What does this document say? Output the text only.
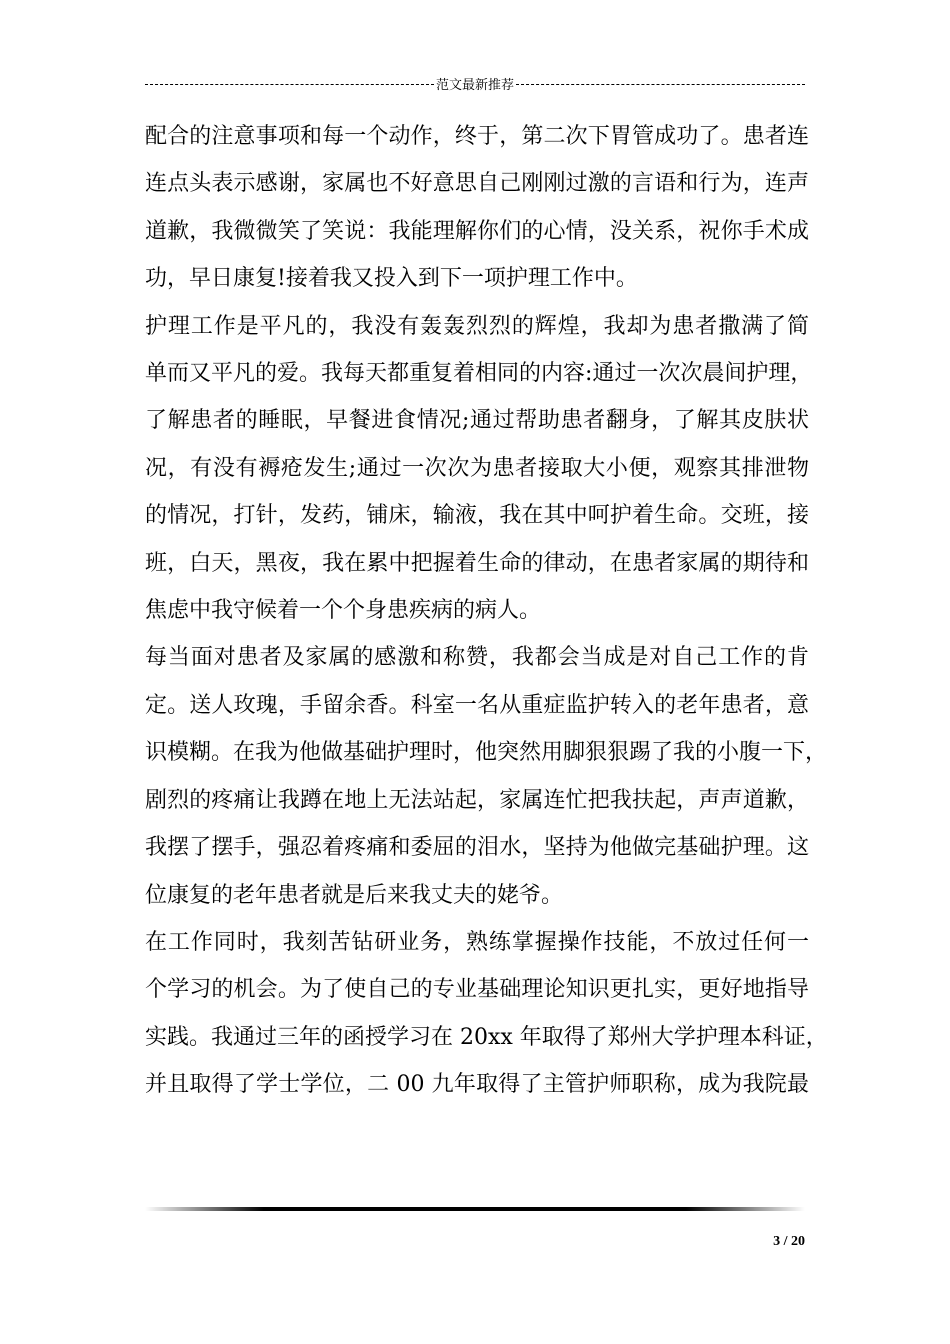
范文最新推荐
配合的注意事项和每一个动作，终于，第二次下胃管成功了。患者连
连点头表示感谢，家属也不好意思自己刚刚过激的言语和行为，连声
道歉，我微微笑了笑说：我能理解你们的心情，没关系，祝你手术成
功，早日康复!接着我又投入到下一项护理工作中。
护理工作是平凡的，我没有轰轰烈烈的辉煌，我却为患者撒满了简
单而又平凡的爱。我每天都重复着相同的内容:通过一次次晨间护理，
了解患者的睡眠，早餐进食情况;通过帮助患者翻身，了解其皮肤状
况，有没有褥疮发生;通过一次次为患者接取大小便，观察其排泄物
的情况，打针，发药，铺床，输液，我在其中呵护着生命。交班，接
班，白天，黑夜，我在累中把握着生命的律动，在患者家属的期待和
焦虑中我守候着一个个身患疾病的病人。
每当面对患者及家属的感激和称赞，我都会当成是对自己工作的肯
定。送人玫瑰，手留余香。科室一名从重症监护转入的老年患者，意
识模糊。在我为他做基础护理时，他突然用脚狠狠踢了我的小腹一下，
剧烈的疼痛让我蹲在地上无法站起，家属连忙把我扶起，声声道歉，
我摆了摆手，强忍着疼痛和委屈的泪水，坚持为他做完基础护理。这
位康复的老年患者就是后来我丈夫的姥爷。
在工作同时，我刻苦钻研业务，熟练掌握操作技能，不放过任何一
个学习的机会。为了使自己的专业基础理论知识更扎实，更好地指导
实践。我通过三年的函授学习在 20xx 年取得了郑州大学护理本科证，
并且取得了学士学位，二 00 九年取得了主管护师职称，成为我院最
3 / 20
